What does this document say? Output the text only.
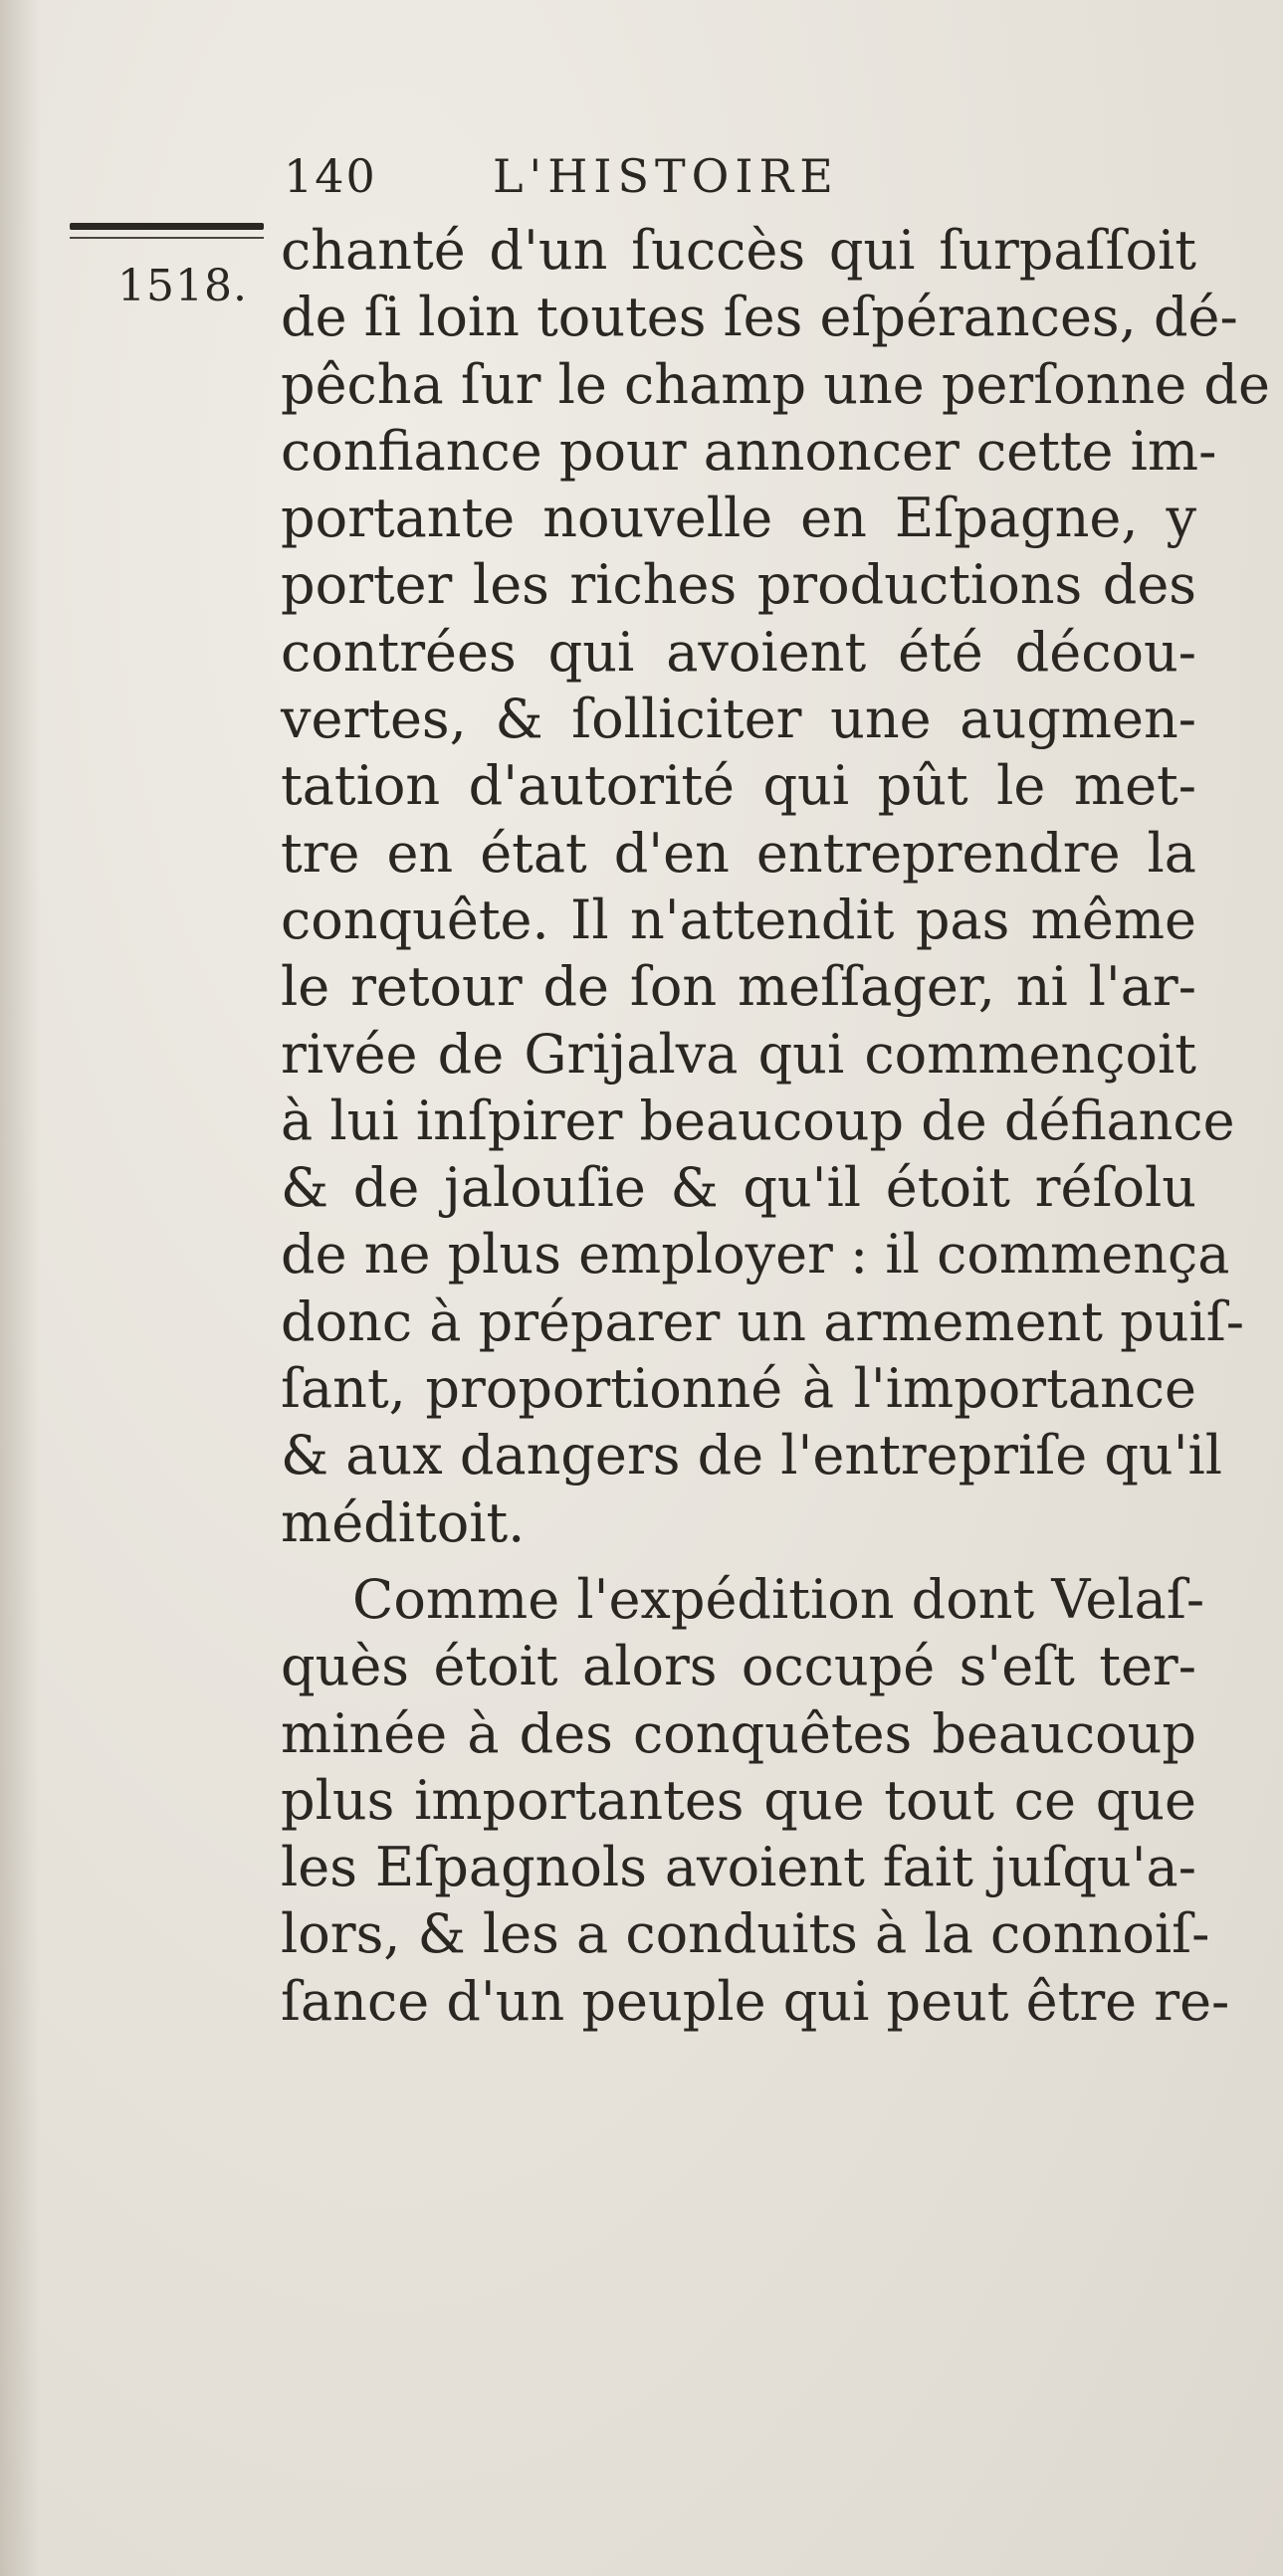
140	L'HISTOIRE
1518.
chanté d'un ſuccès qui ſurpaſſoit
de ſi loin toutes ſes eſpérances, dé-
pêcha ſur le champ une perſonne de
confiance pour annoncer cette im-
portante nouvelle en Eſpagne, y
porter les riches productions des
contrées qui avoient été décou-
vertes, & ſolliciter une augmen-
tation d'autorité qui pût le met-
tre en état d'en entreprendre la
conquête. Il n'attendit pas même
le retour de ſon meſſager, ni l'ar-
rivée de Grijalva qui commençoit
à lui inſpirer beaucoup de défiance
& de jalouſie & qu'il étoit réſolu
de ne plus employer : il commença
donc à préparer un armement puiſ-
ſant, proportionné à l'importance
& aux dangers de l'entrepriſe qu'il
méditoit.
Comme l'expédition dont Velaſ-
quès étoit alors occupé s'eſt ter-
minée à des conquêtes beaucoup
plus importantes que tout ce que
les Eſpagnols avoient fait juſqu'a-
lors, & les a conduits à la connoiſ-
ſance d'un peuple qui peut être re-
